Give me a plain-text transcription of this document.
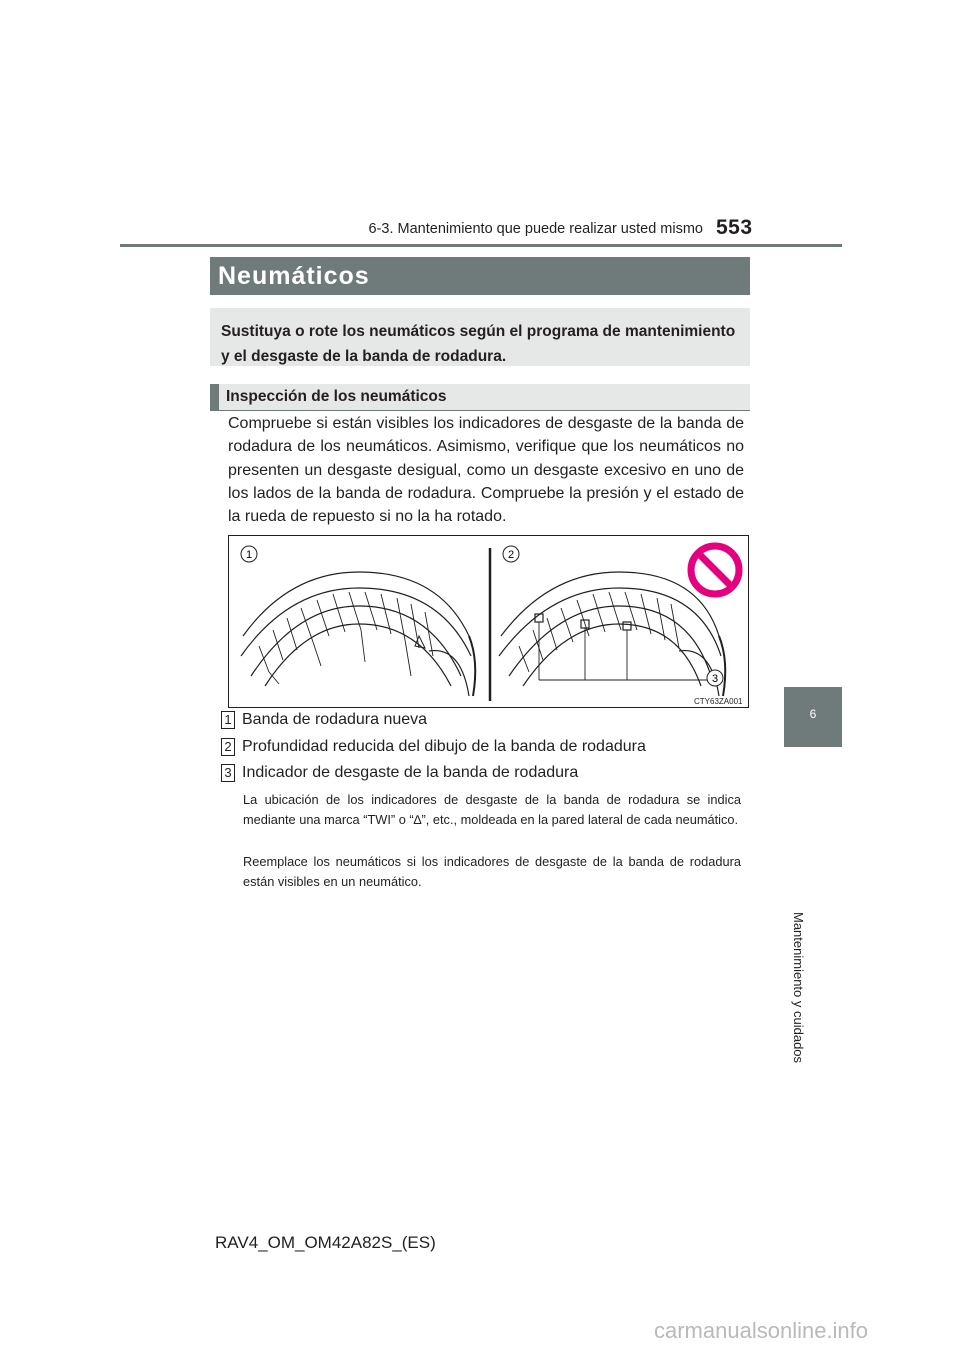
6-3. Mantenimiento que puede realizar usted mismo 553
Neumáticos
Sustituya o rote los neumáticos según el programa de mantenimiento y el desgaste de la banda de rodadura.
Inspección de los neumáticos
Compruebe si están visibles los indicadores de desgaste de la banda de rodadura de los neumáticos. Asimismo, verifique que los neumáticos no presenten un desgaste desigual, como un desgaste excesivo en uno de los lados de la banda de rodadura. Compruebe la presión y el estado de la rueda de repuesto si no la ha rotado.
1	2
3
CTY63ZA001
1 Banda de rodadura nueva
2 Profundidad reducida del dibujo de la banda de rodadura
3 Indicador de desgaste de la banda de rodadura
La ubicación de los indicadores de desgaste de la banda de rodadura se indica mediante una marca “TWI” o “∆”, etc., moldeada en la pared lateral de cada neumático.
Reemplace los neumáticos si los indicadores de desgaste de la banda de rodadura están visibles en un neumático.
6
Mantenimiento y cuidados
RAV4_OM_OM42A82S_(ES)
carmanualsonline.info
